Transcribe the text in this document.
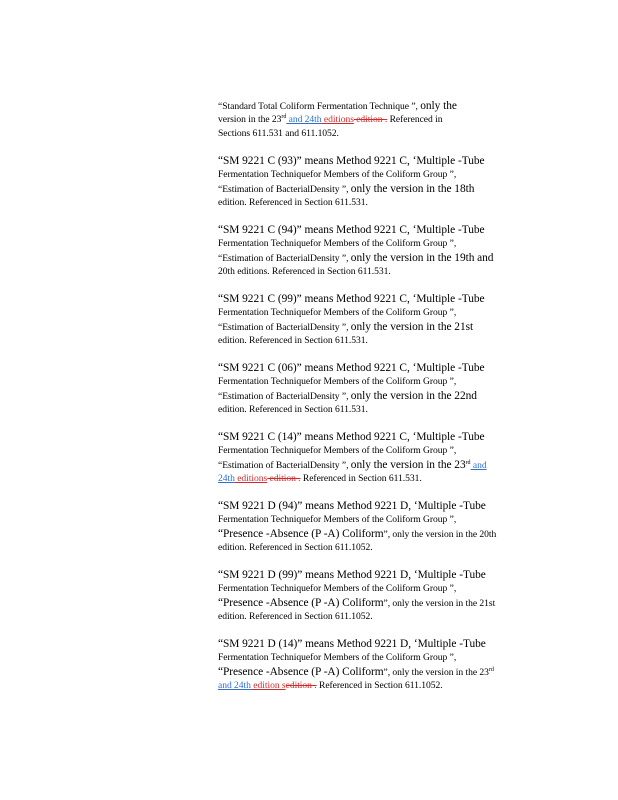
“Standard Total Coliform Fermentation Technique ”, only the
version in the 23rd and 24th editions edition . Referenced in
Sections 611.531 and 611.1052.
“SM 9221 C (93)” means Method 9221 C, ‘Multiple -Tube
Fermentation Techniquefor Members of the Coliform Group ”,
“Estimation of BacterialDensity ”, only the version in the 18th
edition. Referenced in Section 611.531.
“SM 9221 C (94)” means Method 9221 C, ‘Multiple -Tube
Fermentation Techniquefor Members of the Coliform Group ”,
“Estimation of BacterialDensity ”, only the version in the 19th and
20th editions. Referenced in Section 611.531.
“SM 9221 C (99)” means Method 9221 C, ‘Multiple -Tube
Fermentation Techniquefor Members of the Coliform Group ”,
“Estimation of BacterialDensity ”, only the version in the 21st
edition. Referenced in Section 611.531.
“SM 9221 C (06)” means Method 9221 C, ‘Multiple -Tube
Fermentation Techniquefor Members of the Coliform Group ”,
“Estimation of BacterialDensity ”, only the version in the 22nd
edition. Referenced in Section 611.531.
“SM 9221 C (14)” means Method 9221 C, ‘Multiple -Tube
Fermentation Techniquefor Members of the Coliform Group ”,
“Estimation of BacterialDensity ”, only the version in the 23rd and
24th editions edition . Referenced in Section 611.531.
“SM 9221 D (94)” means Method 9221 D, ‘Multiple -Tube
Fermentation Techniquefor Members of the Coliform Group ”,
“Presence -Absence (P -A) Coliform”, only the version in the 20th
edition. Referenced in Section 611.1052.
“SM 9221 D (99)” means Method 9221 D, ‘Multiple -Tube
Fermentation Techniquefor Members of the Coliform Group ”,
“Presence -Absence (P -A) Coliform”, only the version in the 21st
edition. Referenced in Section 611.1052.
“SM 9221 D (14)” means Method 9221 D, ‘Multiple -Tube
Fermentation Techniquefor Members of the Coliform Group ”,
“Presence -Absence (P -A) Coliform”, only the version in the 23rd
and 24th edition sedition . Referenced in Section 611.1052.
